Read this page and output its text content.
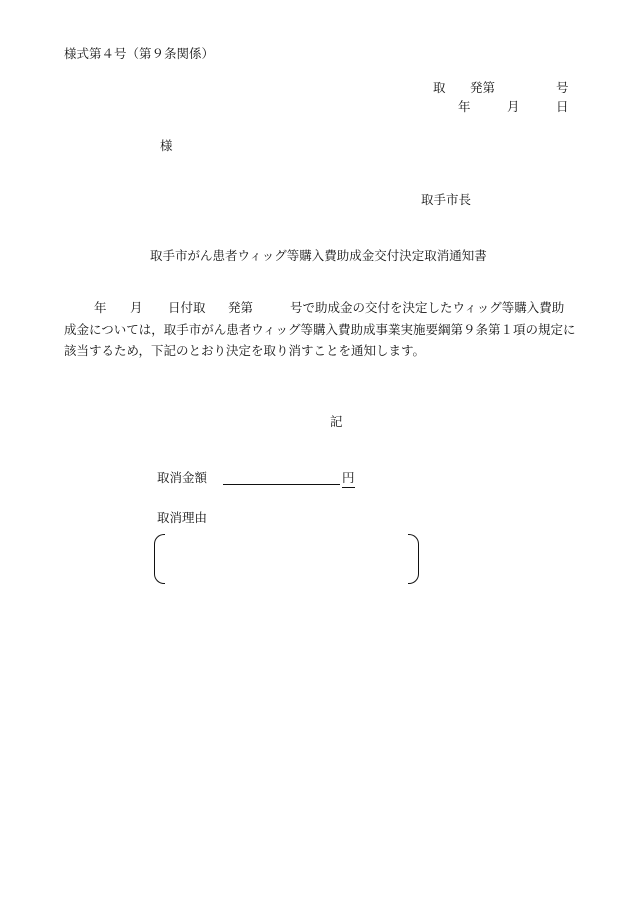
様式第４号（第９条関係）
取 発第	号
年	月	日
様
取手市長
取手市がん患者ウィッグ等購入費助成金交付決定取消通知書
年 月 日付取 発第	号で助成金の交付を決定したウィッグ等購入費助
成金については，取手市がん患者ウィッグ等購入費助成事業実施要綱第９条第１項の規定に
該当するため，下記のとおり決定を取り消すことを通知します。
記
取消金額	円
取消理由
